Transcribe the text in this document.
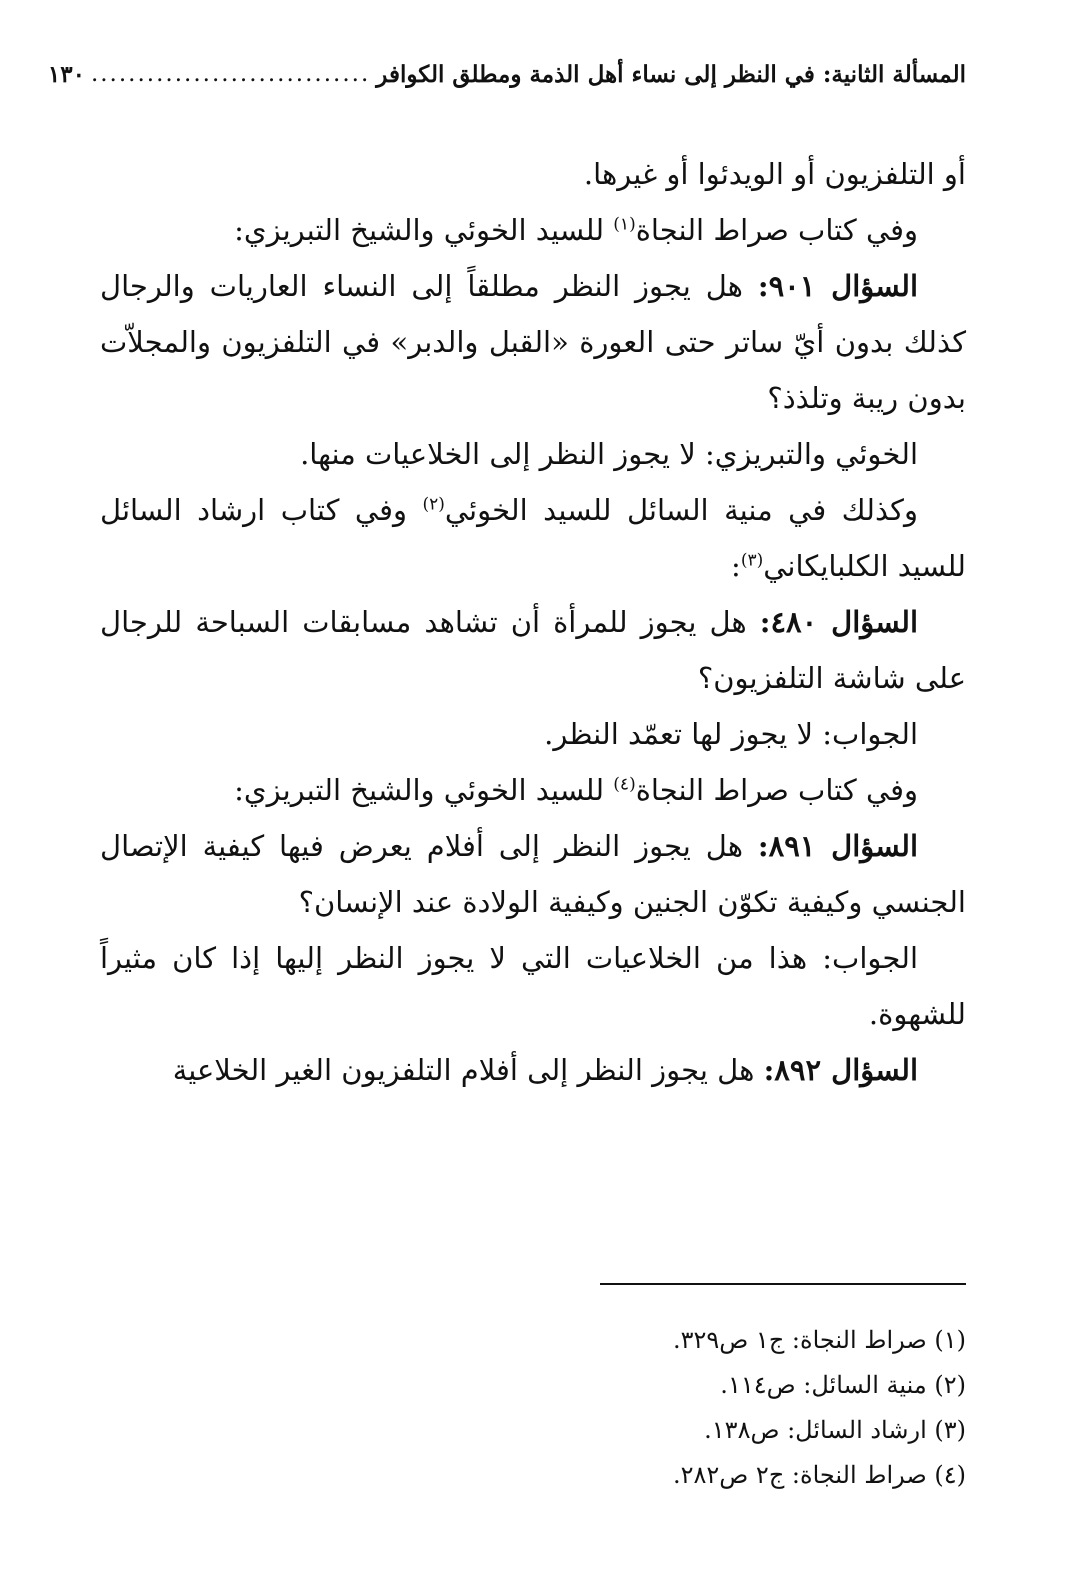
المسألة الثانية: في النظر إلى نساء أهل الذمة ومطلق الكوافر
..............................
١٣٠

أو التلفزيون أو الويدئوا أو غيرها.

وفي كتاب صراط النجاة$^{(١)}$ للسيد الخوئي والشيخ التبريزي:

السؤال ٩٠١: هل يجوز النظر مطلقاً إلى النساء العاريات والرجال كذلك بدون أيّ ساتر حتى العورة «القبل والدبر» في التلفزيون والمجلاّت بدون ريبة وتلذذ؟

الخوئي والتبريزي: لا يجوز النظر إلى الخلاعيات منها.

وكذلك في منية السائل للسيد الخوئي$^{(٢)}$ وفي كتاب ارشاد السائل للسيد الكلبايكاني$^{(٣)}$:

السؤال ٤٨٠: هل يجوز للمرأة أن تشاهد مسابقات السباحة للرجال على شاشة التلفزيون؟

الجواب: لا يجوز لها تعمّد النظر.

وفي كتاب صراط النجاة$^{(٤)}$ للسيد الخوئي والشيخ التبريزي:

السؤال ٨٩١: هل يجوز النظر إلى أفلام يعرض فيها كيفية الإتصال الجنسي وكيفية تكوّن الجنين وكيفية الولادة عند الإنسان؟

الجواب: هذا من الخلاعيات التي لا يجوز النظر إليها إذا كان مثيراً للشهوة.

السؤال ٨٩٢: هل يجوز النظر إلى أفلام التلفزيون الغير الخلاعية

(١) صراط النجاة: ج١ ص٣٢٩.

(٢) منية السائل: ص١١٤.

(٣) ارشاد السائل: ص١٣٨.

(٤) صراط النجاة: ج٢ ص٢٨٢.
